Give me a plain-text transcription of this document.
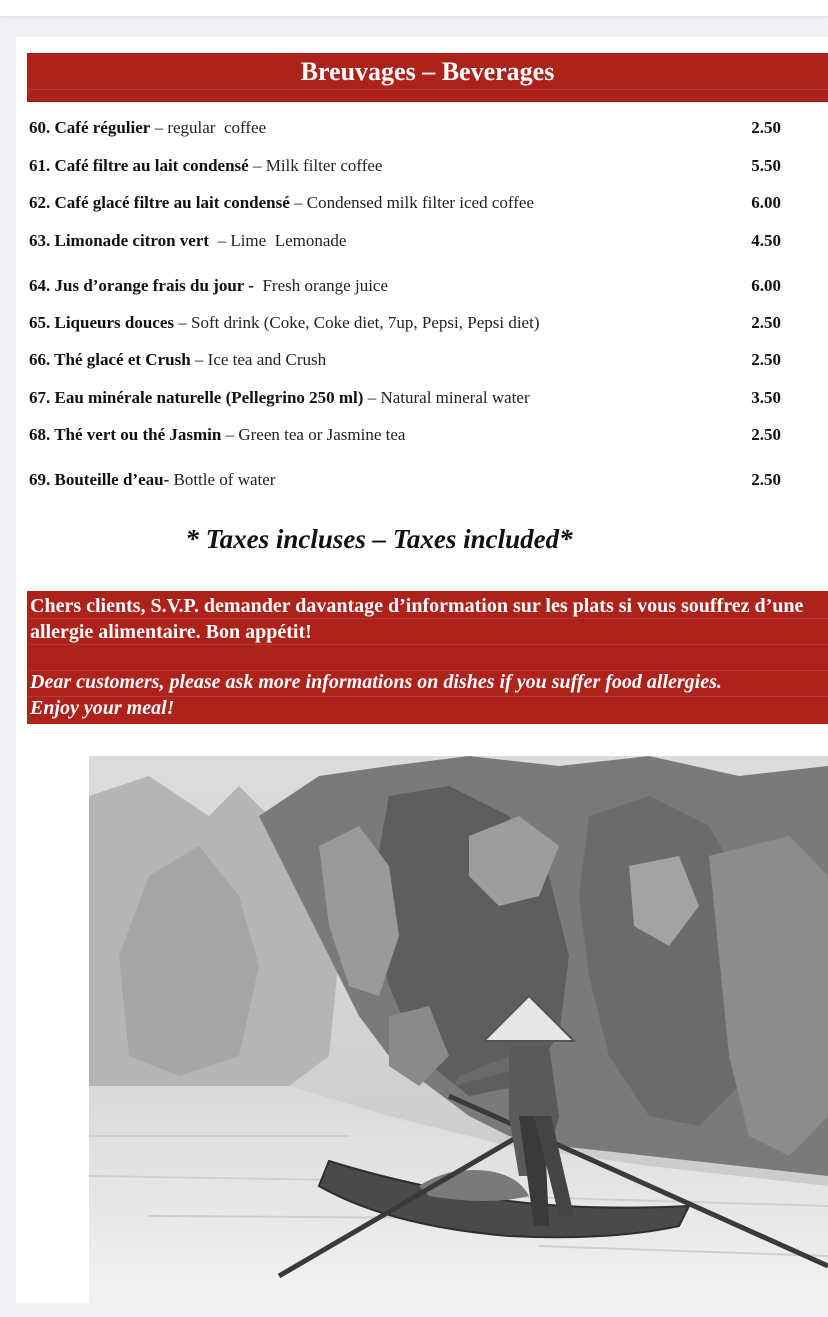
Breuvages – Beverages
60. Café régulier – regular  coffee	2.50
61. Café filtre au lait condensé – Milk filter coffee	5.50
62. Café glacé filtre au lait condensé – Condensed milk filter iced coffee	6.00
63. Limonade citron vert  – Lime  Lemonade	4.50
64. Jus d’orange frais du jour - Fresh orange juice	6.00
65. Liqueurs douces – Soft drink (Coke, Coke diet, 7up, Pepsi, Pepsi diet)	2.50
66. Thé glacé et Crush – Ice tea and Crush	2.50
67. Eau minérale naturelle (Pellegrino 250 ml) – Natural mineral water	3.50
68. Thé vert ou thé Jasmin – Green tea or Jasmine tea	2.50
69. Bouteille d’eau- Bottle of water	2.50
* Taxes incluses – Taxes included*
Chers clients, S.V.P. demander davantage d’information sur les plats si vous souffrez d’une allergie alimentaire. Bon appétit!
Dear customers, please ask more informations on dishes if you suffer food allergies.
Enjoy your meal!
